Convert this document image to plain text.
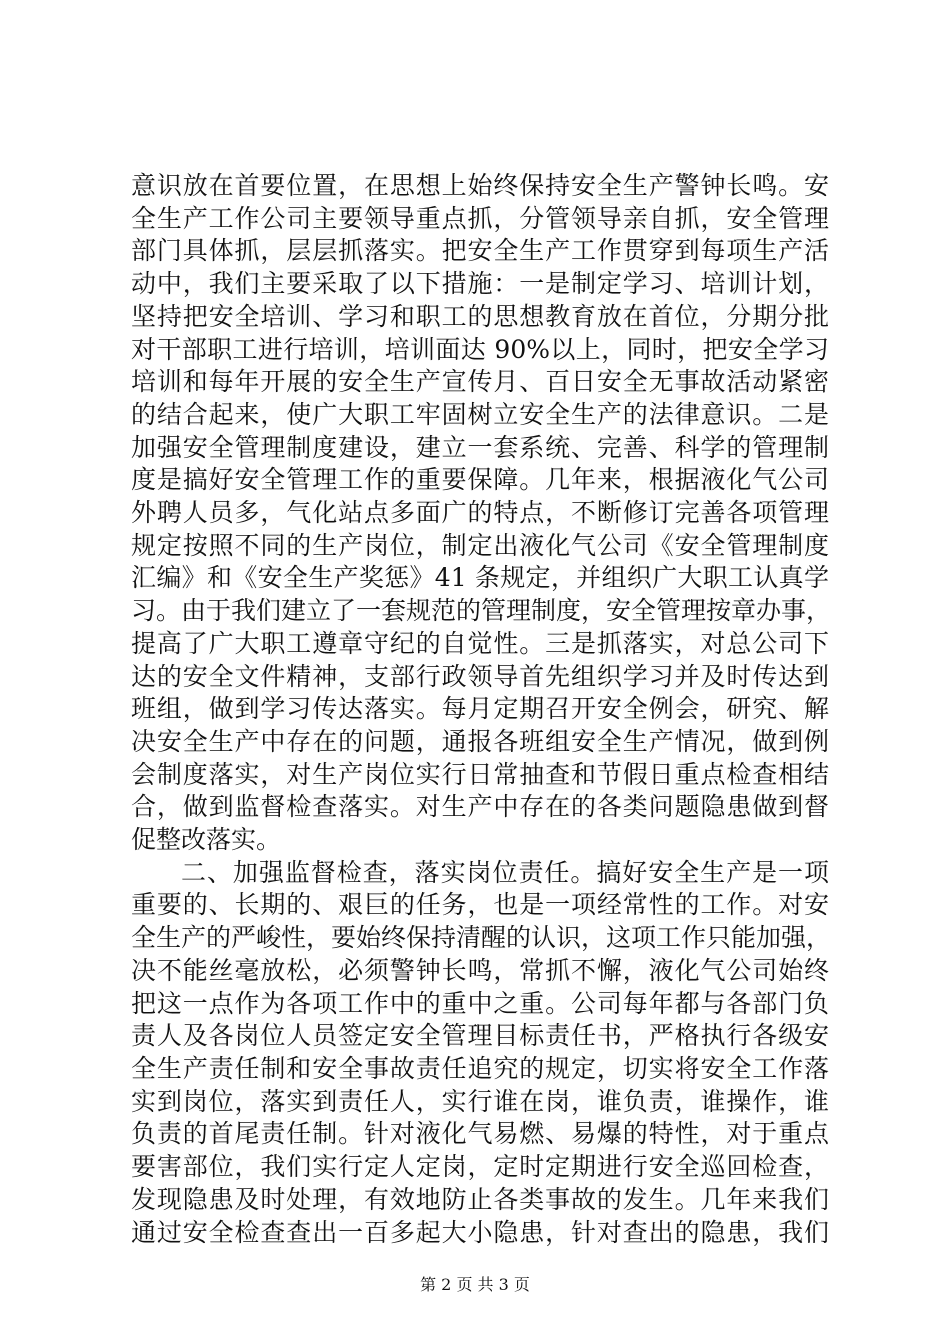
意识放在首要位置，在思想上始终保持安全生产警钟长鸣。安
全生产工作公司主要领导重点抓，分管领导亲自抓，安全管理
部门具体抓，层层抓落实。把安全生产工作贯穿到每项生产活
动中，我们主要采取了以下措施：一是制定学习、培训计划，
坚持把安全培训、学习和职工的思想教育放在首位，分期分批
对干部职工进行培训，培训面达 90%以上，同时，把安全学习
培训和每年开展的安全生产宣传月、百日安全无事故活动紧密
的结合起来，使广大职工牢固树立安全生产的法律意识。二是
加强安全管理制度建设，建立一套系统、完善、科学的管理制
度是搞好安全管理工作的重要保障。几年来，根据液化气公司
外聘人员多，气化站点多面广的特点，不断修订完善各项管理
规定按照不同的生产岗位，制定出液化气公司《安全管理制度
汇编》和《安全生产奖惩》41 条规定，并组织广大职工认真学
习。由于我们建立了一套规范的管理制度，安全管理按章办事，
提高了广大职工遵章守纪的自觉性。三是抓落实，对总公司下
达的安全文件精神，支部行政领导首先组织学习并及时传达到
班组，做到学习传达落实。每月定期召开安全例会，研究、解
决安全生产中存在的问题，通报各班组安全生产情况，做到例
会制度落实，对生产岗位实行日常抽查和节假日重点检查相结
合，做到监督检查落实。对生产中存在的各类问题隐患做到督
促整改落实。
二、加强监督检查，落实岗位责任。搞好安全生产是一项
重要的、长期的、艰巨的任务，也是一项经常性的工作。对安
全生产的严峻性，要始终保持清醒的认识，这项工作只能加强，
决不能丝毫放松，必须警钟长鸣，常抓不懈，液化气公司始终
把这一点作为各项工作中的重中之重。公司每年都与各部门负
责人及各岗位人员签定安全管理目标责任书，严格执行各级安
全生产责任制和安全事故责任追究的规定，切实将安全工作落
实到岗位，落实到责任人，实行谁在岗，谁负责，谁操作，谁
负责的首尾责任制。针对液化气易燃、易爆的特性，对于重点
要害部位，我们实行定人定岗，定时定期进行安全巡回检查，
发现隐患及时处理，有效地防止各类事故的发生。几年来我们
通过安全检查查出一百多起大小隐患，针对查出的隐患，我们
第 2 页 共 3 页
